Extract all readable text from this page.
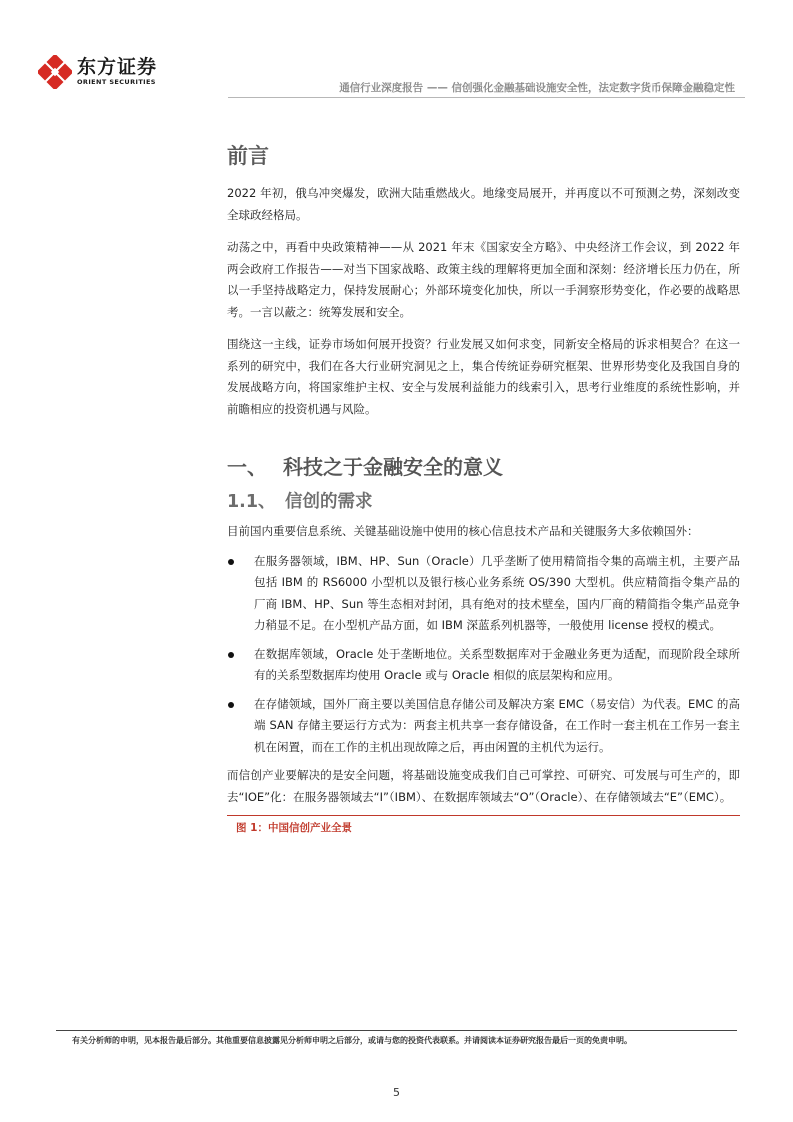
东方证券
ORIENT SECURITIES	通信行业深度报告 —— 信创强化金融基础设施安全性，法定数字货币保障金融稳定性
前言

2022 年初，俄乌冲突爆发，欧洲大陆重燃战火。地缘变局展开，并再度以不可预测之势，深刻改变全球政经格局。

动荡之中，再看中央政策精神——从 2021 年末《国家安全方略》、中央经济工作会议，到 2022 年两会政府工作报告——对当下国家战略、政策主线的理解将更加全面和深刻：经济增长压力仍在，所以一手坚持战略定力，保持发展耐心；外部环境变化加快，所以一手洞察形势变化，作必要的战略思考。一言以蔽之：统筹发展和安全。

围绕这一主线，证券市场如何展开投资？行业发展又如何求变，同新安全格局的诉求相契合？在这一系列的研究中，我们在各大行业研究洞见之上，集合传统证券研究框架、世界形势变化及我国自身的发展战略方向，将国家维护主权、安全与发展利益能力的线索引入，思考行业维度的系统性影响，并前瞻相应的投资机遇与风险。

一、 科技之于金融安全的意义
1.1、 信创的需求

目前国内重要信息系统、关键基础设施中使用的核心信息技术产品和关键服务大多依赖国外：

在服务器领域，IBM、HP、Sun（Oracle）几乎垄断了使用精简指令集的高端主机，主要产品包括 IBM 的 RS6000 小型机以及银行核心业务系统 OS/390 大型机。供应精简指令集产品的厂商 IBM、HP、Sun 等生态相对封闭，具有绝对的技术壁垒，国内厂商的精简指令集产品竞争力稍显不足。在小型机产品方面，如 IBM 深蓝系列机器等，一般使用 license 授权的模式。
在数据库领域，Oracle 处于垄断地位。关系型数据库对于金融业务更为适配，而现阶段全球所有的关系型数据库均使用 Oracle 或与 Oracle 相似的底层架构和应用。
在存储领域，国外厂商主要以美国信息存储公司及解决方案 EMC（易安信）为代表。EMC 的高端 SAN 存储主要运行方式为：两套主机共享一套存储设备，在工作时一套主机在工作另一套主机在闲置，而在工作的主机出现故障之后，再由闲置的主机代为运行。

而信创产业要解决的是安全问题，将基础设施变成我们自己可掌控、可研究、可发展与可生产的，即去“IOE”化：在服务器领域去“I”（IBM）、在数据库领域去“O”（Oracle）、在存储领域去“E”（EMC）。

图 1：中国信创产业全景
有关分析师的申明，见本报告最后部分。其他重要信息披露见分析师申明之后部分，或请与您的投资代表联系。并请阅读本证券研究报告最后一页的免责申明。
5
